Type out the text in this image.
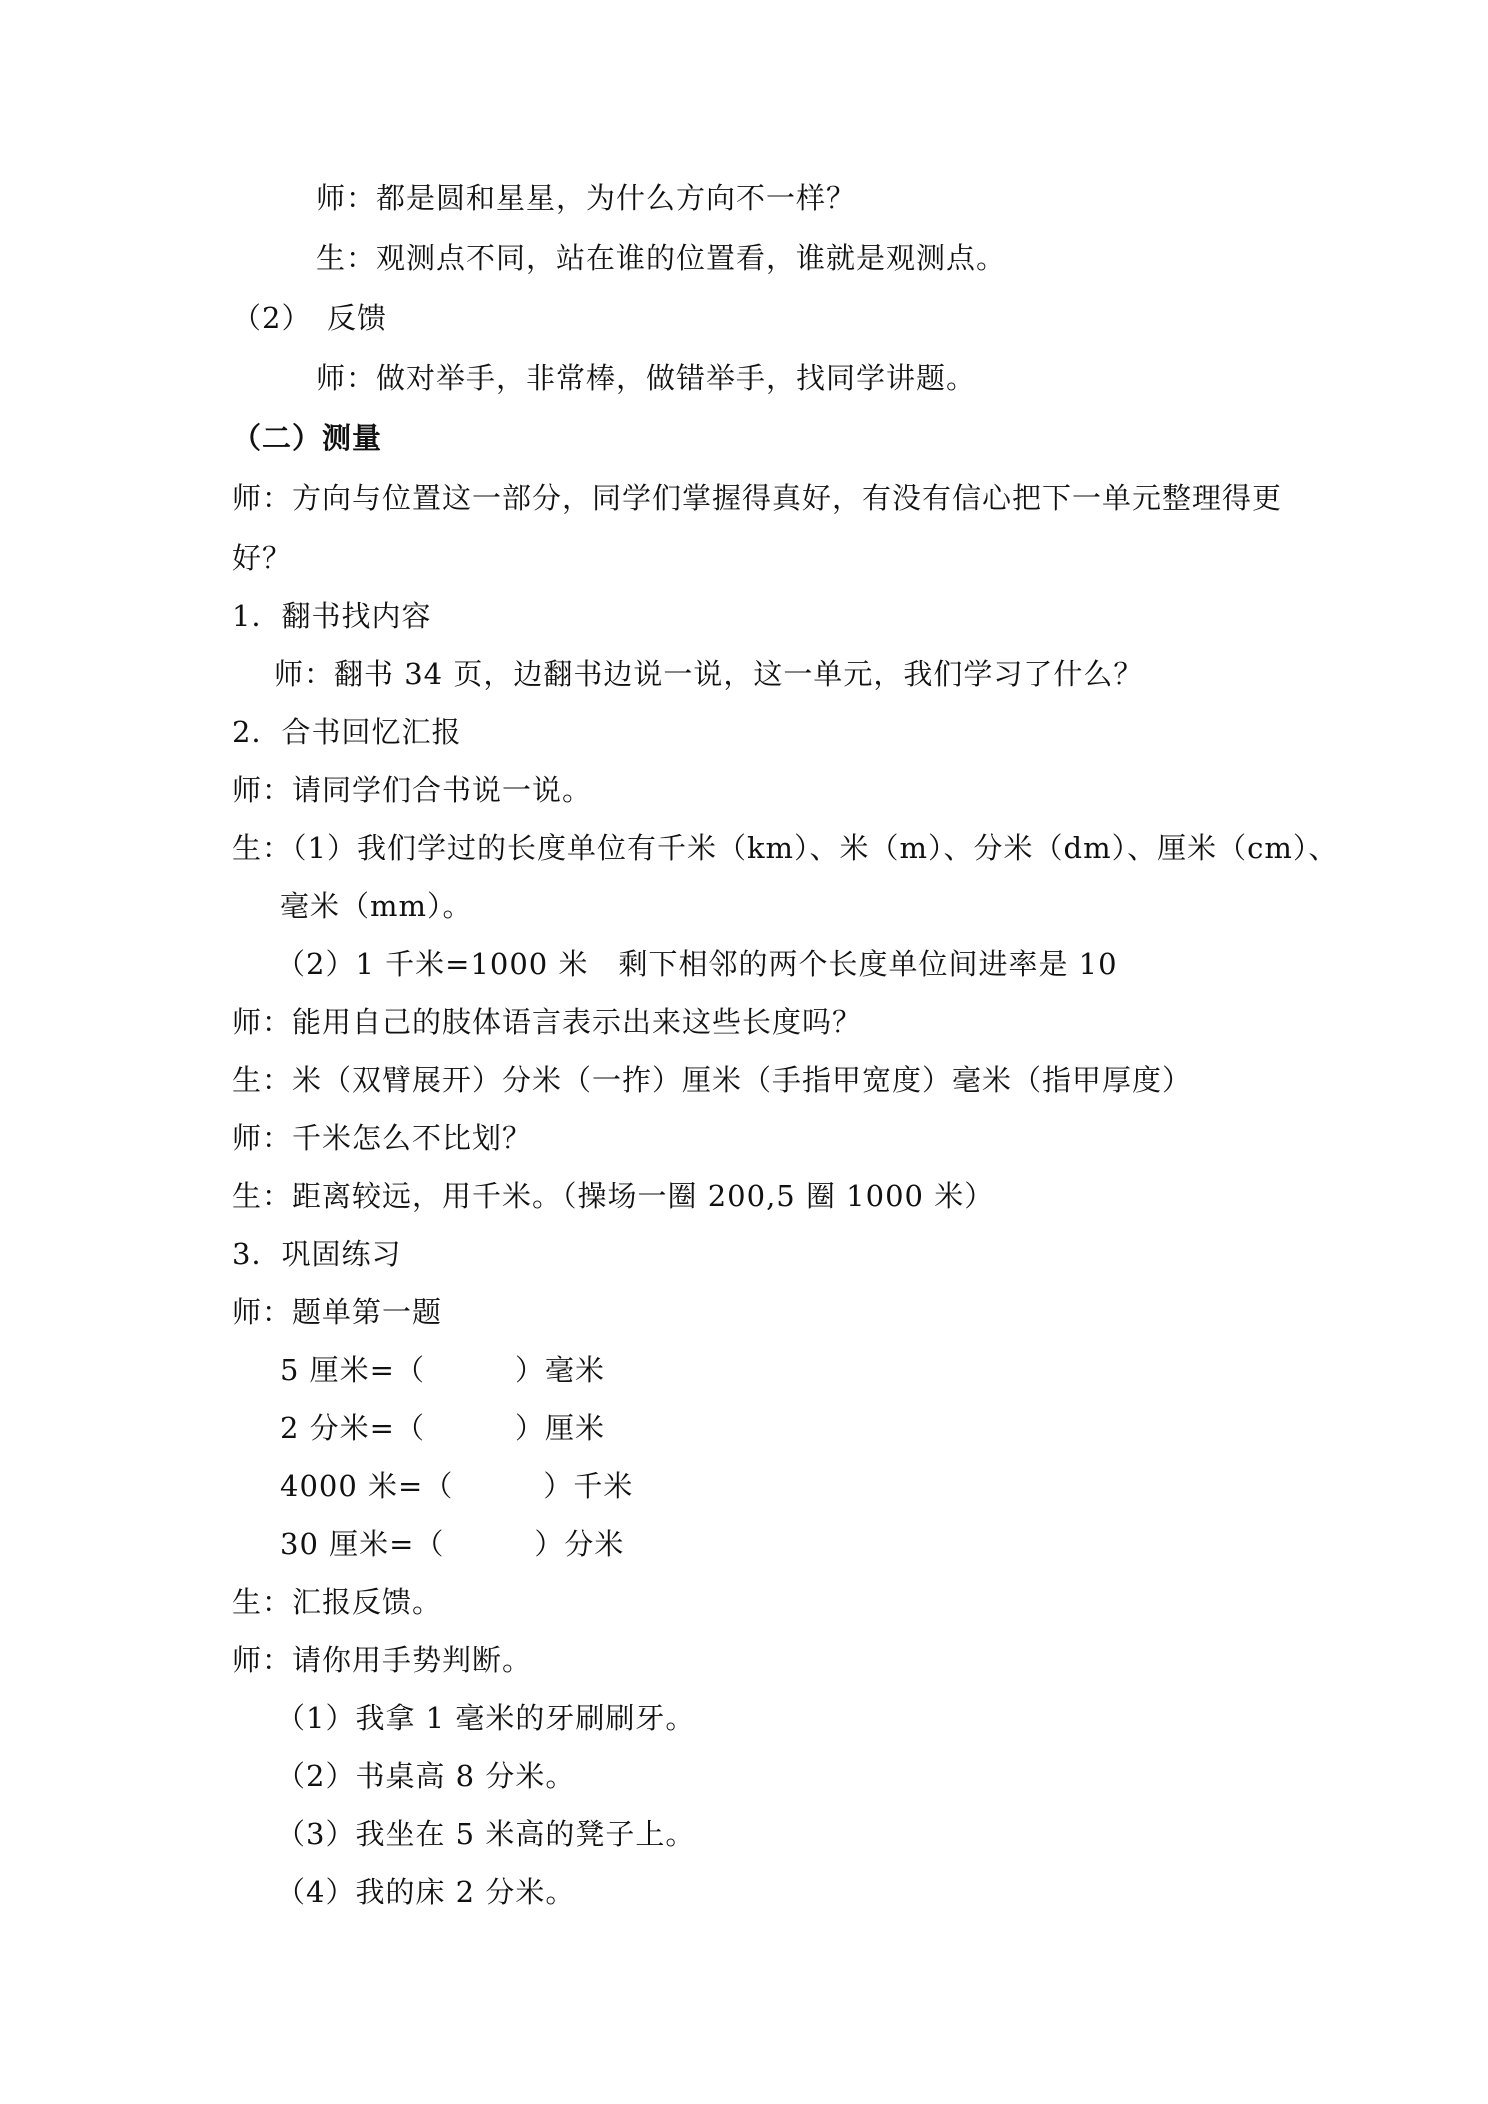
师：都是圆和星星，为什么方向不一样？
生：观测点不同，站在谁的位置看，谁就是观测点。
（2）　反馈
师：做对举手，非常棒，做错举手，找同学讲题。
（二）测量
师：方向与位置这一部分，同学们掌握得真好，有没有信心把下一单元整理得更
好？
1．翻书找内容
师：翻书 34 页，边翻书边说一说，这一单元，我们学习了什么？
2．合书回忆汇报
师：请同学们合书说一说。
生：（1）我们学过的长度单位有千米（km）、米（m）、分米（dm）、厘米（cm）、
毫米（mm）。
（2）1 千米=1000 米　剩下相邻的两个长度单位间进率是 10
师：能用自己的肢体语言表示出来这些长度吗？
生：米（双臂展开）分米（一拃）厘米（手指甲宽度）毫米（指甲厚度）
师：千米怎么不比划？
生：距离较远，用千米。（操场一圈 200,5 圈 1000 米）
3．巩固练习
师：题单第一题
5 厘米=（　　　）毫米
2 分米=（　　　）厘米
4000 米=（　　　）千米
30 厘米=（　　　）分米
生：汇报反馈。
师：请你用手势判断。
（1）我拿 1 毫米的牙刷刷牙。
（2）书桌高 8 分米。
（3）我坐在 5 米高的凳子上。
（4）我的床 2 分米。
